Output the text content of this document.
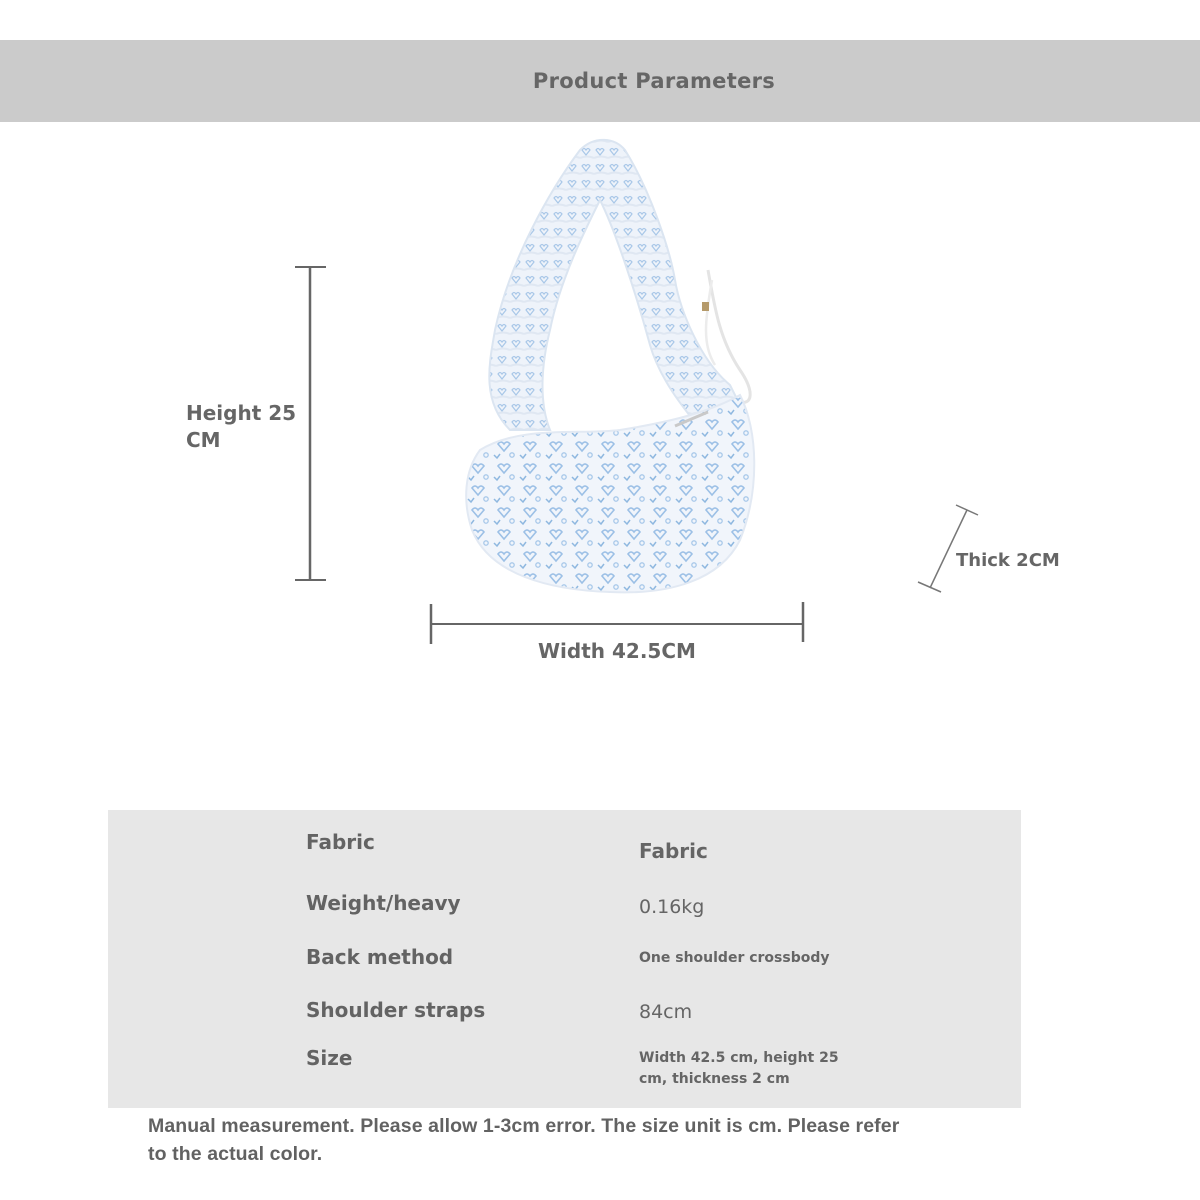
Product Parameters
Height 25
CM
Width 42.5CM
Thick 2CM
Fabric	Fabric
Weight/heavy	0.16kg
Back method	One shoulder crossbody
Shoulder straps	84cm
Size	Width 42.5 cm, height 25
cm, thickness 2 cm
Manual measurement. Please allow 1-3cm error. The size unit is cm. Please refer
to the actual color.
